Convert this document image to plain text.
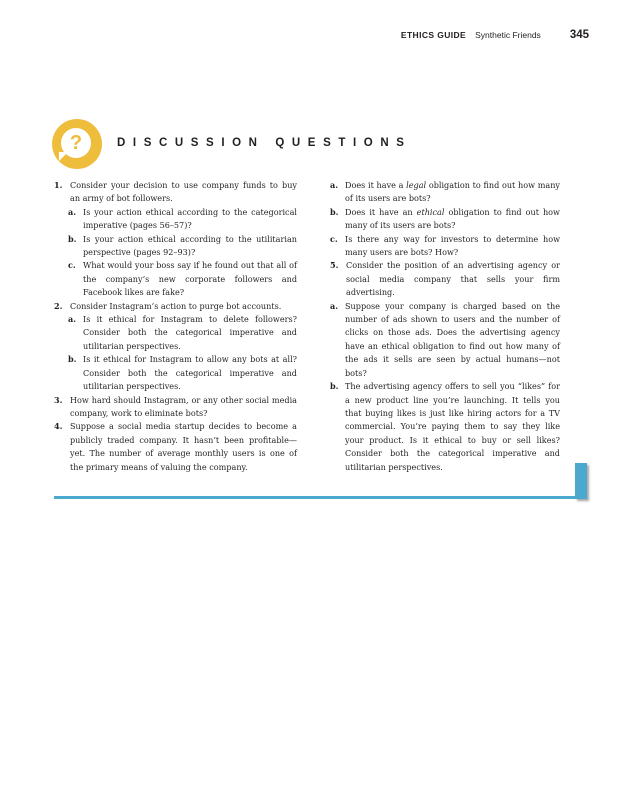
ETHICS GUIDE Synthetic Friends	345
?	DISCUSSION QUESTIONS
1. Consider your decision to use company funds to buy an army of bot followers.
a. Is your action ethical according to the categorical imperative (pages 56–57)?
b. Is your action ethical according to the utilitarian perspective (pages 92–93)?
c. What would your boss say if he found out that all of the company’s new corporate followers and Facebook likes are fake?
2. Consider Instagram’s action to purge bot accounts.
a. Is it ethical for Instagram to delete followers? Consider both the categorical imperative and utilitarian perspectives.
b. Is it ethical for Instagram to allow any bots at all? Consider both the categorical imperative and utilitarian perspectives.
3. How hard should Instagram, or any other social media company, work to eliminate bots?
4. Suppose a social media startup decides to become a publicly traded company. It hasn’t been profitable—yet. The number of average monthly users is one of the primary means of valuing the company.
a. Does it have a legal obligation to find out how many of its users are bots?
b. Does it have an ethical obligation to find out how many of its users are bots?
c. Is there any way for investors to determine how many users are bots? How?
5. Consider the position of an advertising agency or social media company that sells your firm advertising.
a. Suppose your company is charged based on the number of ads shown to users and the number of clicks on those ads. Does the advertising agency have an ethical obligation to find out how many of the ads it sells are seen by actual humans—not bots?
b. The advertising agency offers to sell you “likes” for a new product line you’re launching. It tells you that buying likes is just like hiring actors for a TV commercial. You’re paying them to say they like your product. Is it ethical to buy or sell likes? Consider both the categorical imperative and utilitarian perspectives.
